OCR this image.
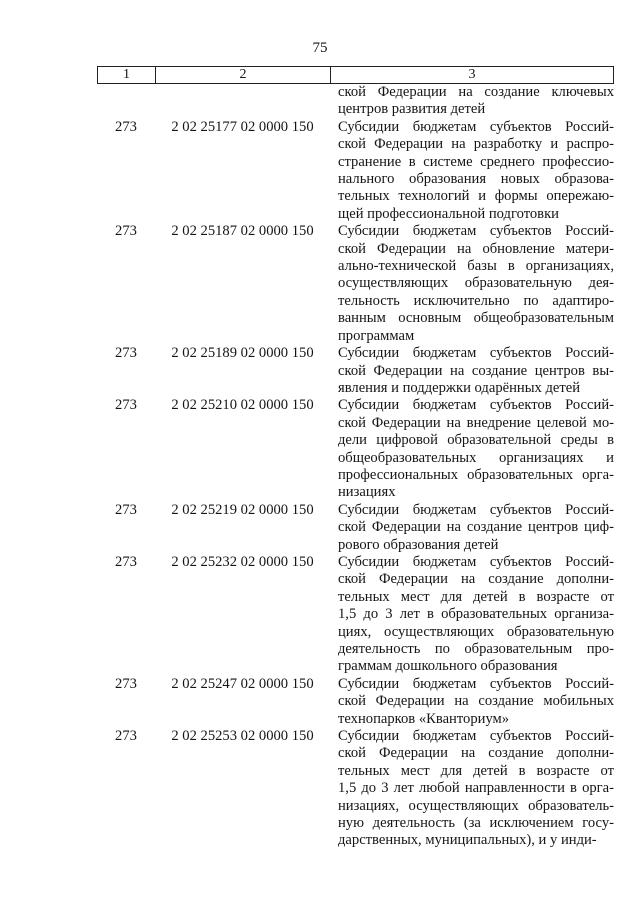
75
1	2	3
ской Федерации на создание ключевых
центров развития детей
273	2 02 25177 02 0000 150	Субсидии бюджетам субъектов Россий-
ской Федерации на разработку и распро-
странение в системе среднего профессио-
нального образования новых образова-
тельных технологий и формы опережаю-
щей профессиональной подготовки
273	2 02 25187 02 0000 150	Субсидии бюджетам субъектов Россий-
ской Федерации на обновление матери-
ально-технической базы в организациях,
осуществляющих образовательную дея-
тельность исключительно по адаптиро-
ванным основным общеобразовательным
программам
273	2 02 25189 02 0000 150	Субсидии бюджетам субъектов Россий-
ской Федерации на создание центров вы-
явления и поддержки одарённых детей
273	2 02 25210 02 0000 150	Субсидии бюджетам субъектов Россий-
ской Федерации на внедрение целевой мо-
дели цифровой образовательной среды в
общеобразовательных организациях и
профессиональных образовательных орга-
низациях
273	2 02 25219 02 0000 150	Субсидии бюджетам субъектов Россий-
ской Федерации на создание центров циф-
рового образования детей
273	2 02 25232 02 0000 150	Субсидии бюджетам субъектов Россий-
ской Федерации на создание дополни-
тельных мест для детей в возрасте от
1,5 до 3 лет в образовательных организа-
циях, осуществляющих образовательную
деятельность по образовательным про-
граммам дошкольного образования
273	2 02 25247 02 0000 150	Субсидии бюджетам субъектов Россий-
ской Федерации на создание мобильных
технопарков «Кванториум»
273	2 02 25253 02 0000 150	Субсидии бюджетам субъектов Россий-
ской Федерации на создание дополни-
тельных мест для детей в возрасте от
1,5 до 3 лет любой направленности в орга-
низациях, осуществляющих образователь-
ную деятельность (за исключением госу-
дарственных, муниципальных), и у инди-
